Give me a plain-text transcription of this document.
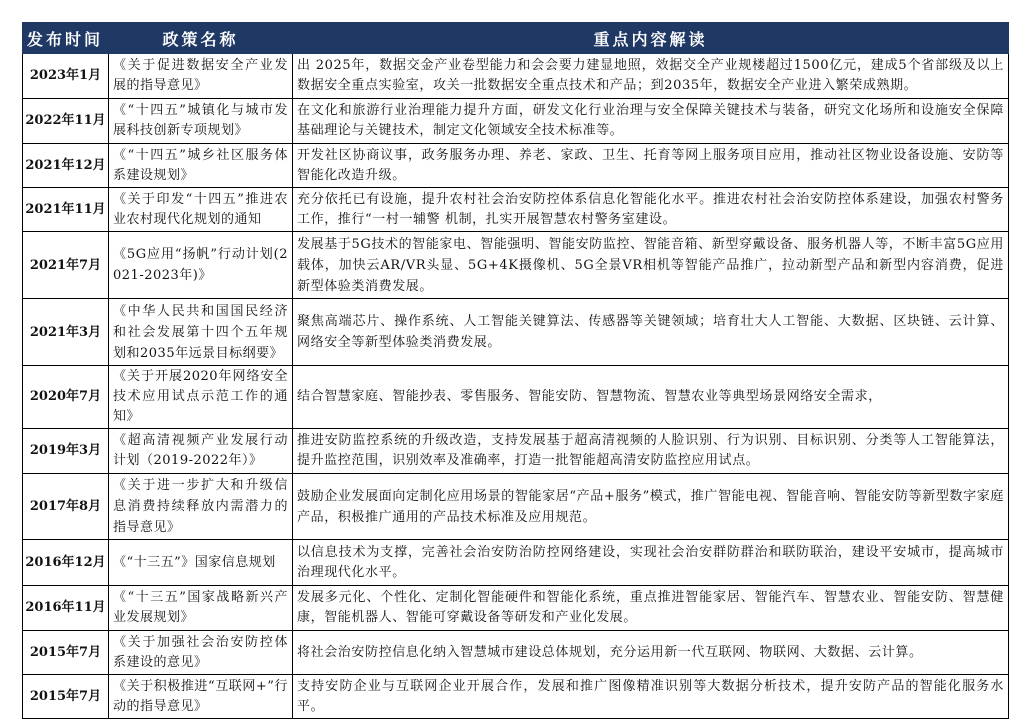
发布时间	政策名称	重点内容解读
2023年1月	《关于促进数据安全产业发展的指导意见》	出 2025年，数据交金产业卷型能力和会会要力建显地照，效据交全产业规楼超过1500亿元，建成5个省部级及以上数据安全重点实验室，攻关一批数据安全重点技术和产品；到2035年，数据安全产业进入繁荣成熟期。
2022年11月	《“十四五”城镇化与城市发展科技创新专项规划》	在文化和旅游行业治理能力提升方面，研发文化行业治理与安全保障关键技术与装备，研究文化场所和设施安全保障基础理论与关键技术，制定文化领域安全技术标准等。
2021年12月	《“十四五”城乡社区服务体系建设规划》	开发社区协商议事，政务服务办理、养老、家政、卫生、托育等网上服务项目应用，推动社区物业设备设施、安防等智能化改造升级。
2021年11月	《关于印发“十四五”推进农业农村现代化规划的通知	充分依托已有设施，提升农村社会治安防控体系信息化智能化水平。推进农村社会治安防控体系建设，加强农村警务工作，推行“一村一辅警 机制，扎实开展智慧农村警务室建设。
2021年7月	《5G应用“扬帆”行动计划(2021-2023年)》	发展基于5G技术的智能家电、智能强明、智能安防监控、智能音箱、新型穿戴设备、服务机器人等，不断丰富5G应用载体，加快云AR/VR头显、5G+4K摄像机、5G全景VR相机等智能产品推广，拉动新型产品和新型内容消费，促进新型体验类消费发展。
2021年3月	《中华人民共和国国民经济和社会发展第十四个五年规划和2035年远景目标纲要》	聚焦高端芯片、操作系统、人工智能关键算法、传感器等关键领域；培育壮大人工智能、大数据、区块链、云计算、网络安全等新型体验类消费发展。
2020年7月	《关于开展2020年网络安全技术应用试点示范工作的通知》	结合智慧家庭、智能抄表、零售服务、智能安防、智慧物流、智慧农业等典型场景网络安全需求，
2019年3月	《超高清视频产业发展行动计划（2019-2022年）》	推进安防监控系统的升级改造，支持发展基于超高清视频的人脸识别、行为识别、目标识别、分类等人工智能算法，提升监控范围，识别效率及准确率，打造一批智能超高清安防监控应用试点。
2017年8月	《关于进一步扩大和升级信息消费持续释放内需潜力的指导意见》	鼓励企业发展面向定制化应用场景的智能家居“产品+服务”模式，推广智能电视、智能音响、智能安防等新型数字家庭产品，积极推广通用的产品技术标准及应用规范。
2016年12月	《“十三五”》国家信息规划	以信息技术为支撑，完善社会治安防治防控网络建设，实现社会治安群防群治和联防联治，建设平安城市，提高城市治理现代化水平。
2016年11月	《“十三五”国家战略新兴产业发展规划》	发展多元化、个性化、定制化智能硬件和智能化系统，重点推进智能家居、智能汽车、智慧农业、智能安防、智慧健康，智能机器人、智能可穿戴设备等研发和产业化发展。
2015年7月	《关于加强社会治安防控体系建设的意见》	将社会治安防控信息化纳入智慧城市建设总体规划，充分运用新一代互联网、物联网、大数据、云计算。
2015年7月	《关于积极推进“互联网+”行动的指导意见》	支持安防企业与互联网企业开展合作，发展和推广图像精准识别等大数据分析技术，提升安防产品的智能化服务水平。
